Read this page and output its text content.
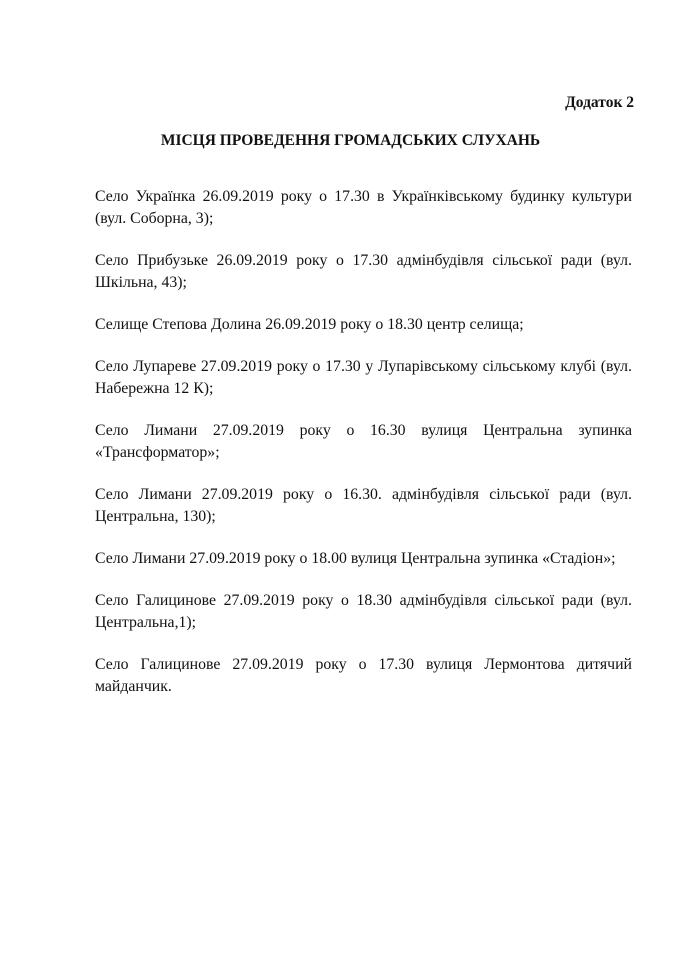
Додаток 2

МІСЦЯ ПРОВЕДЕННЯ ГРОМАДСЬКИХ СЛУХАНЬ

Село Українка 26.09.2019 року о 17.30 в Українківському будинку культури (вул. Соборна, 3);

Село Прибузьке 26.09.2019 року о 17.30 адмінбудівля сільської ради (вул. Шкільна, 43);

Селище Степова Долина 26.09.2019 року о 18.30 центр селища;

Село Лупареве 27.09.2019 року о 17.30 у Лупарівському сільському клубі (вул. Набережна 12 К);

Село Лимани 27.09.2019 року о 16.30 вулиця Центральна зупинка «Трансформатор»;

Село Лимани 27.09.2019 року о 16.30. адмінбудівля сільської ради (вул. Центральна, 130);

Село Лимани 27.09.2019 року о 18.00 вулиця Центральна зупинка «Стадіон»;

Село Галицинове 27.09.2019 року о 18.30 адмінбудівля сільської ради (вул. Центральна,1);

Село Галицинове 27.09.2019 року о 17.30 вулиця Лермонтова дитячий майданчик.
